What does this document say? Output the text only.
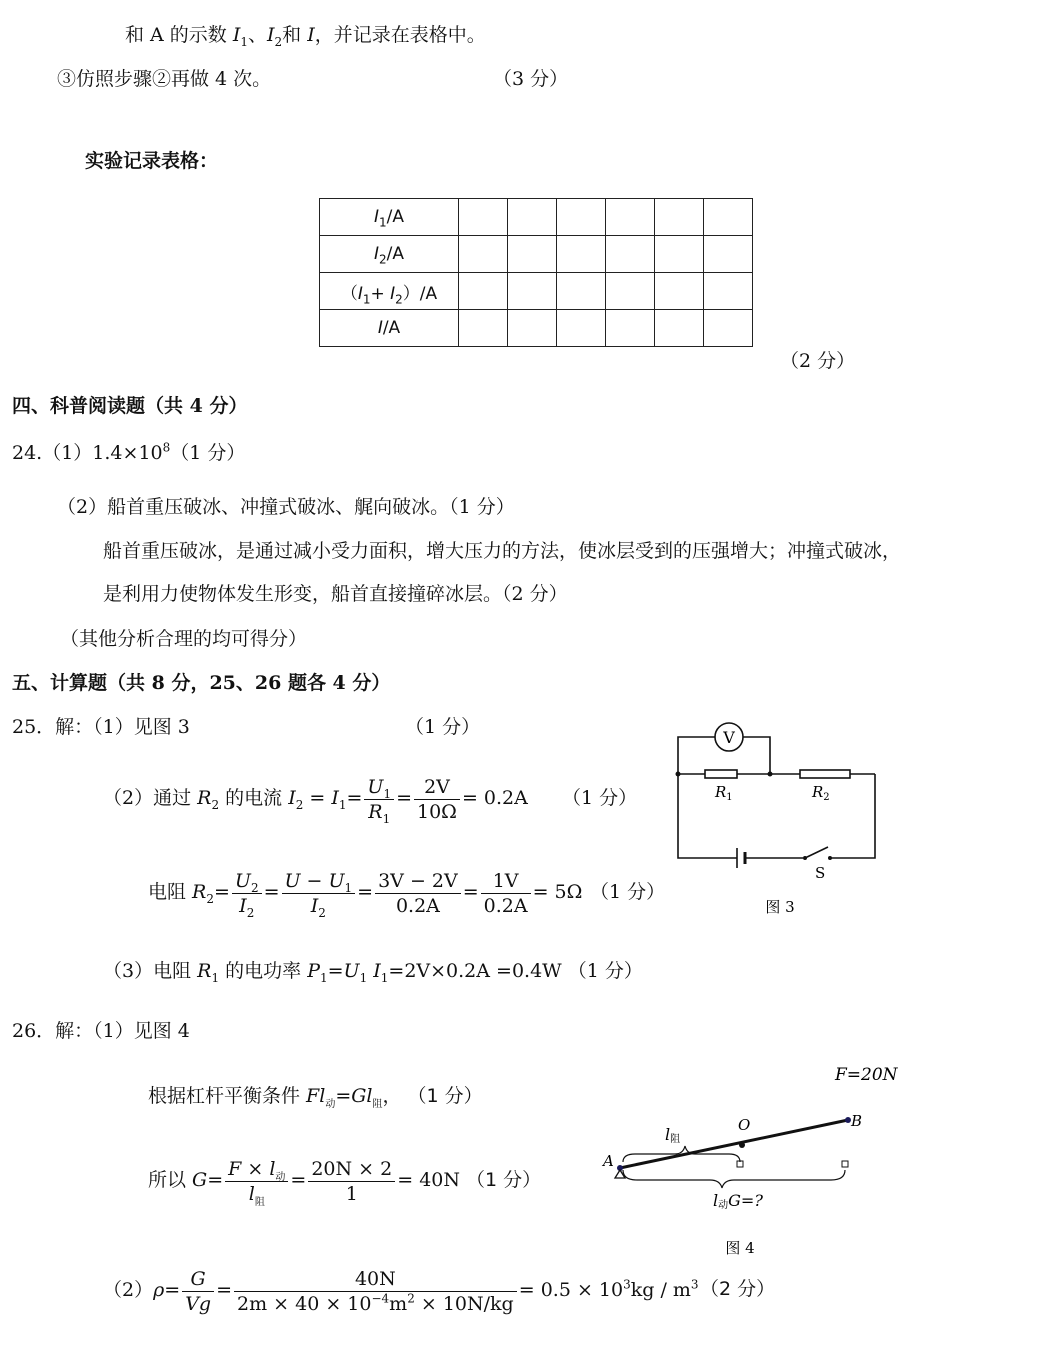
和 A 的示数 $I_1$、$I_2$和 I，并记录在表格中。
③仿照步骤②再做 4 次。	（3 分）
实验记录表格：
$I_1/A$						
$I_2/A$						
$(I_1+ I_2)/A$						
I/A						
（2 分）
四、科普阅读题（共 4 分）
$24.(1)1.4\times 10^8(1$ 分）
（2）船首重压破冰、冲撞式破冰、艉向破冰。（1 分）
船首重压破冰，是通过减小受力面积，增大压力的方法，使冰层受到的压强增大；冲撞式破冰，
是利用力使物体发生形变，船首直接撞碎冰层。（2 分）
（其他分析合理的均可得分）
五、计算题（共 8 分，25、26 题各 4 分）
25．解：（1）见图 3	（1 分）
（2）通过 $R_2$ 的电流 $I_2 = I_1= \frac{U_1}{R_1} = \frac{2V}{10\Omega} = 0.2A$ （1 分）
电阻 $R_2= \frac{U_2}{I_2} = \frac{U - U_1}{I_2} = \frac{3V - 2V}{0.2A} = \frac{1V}{0.2A} = 5\Omega$ （1 分）
（3）电阻 $R_1$ 的电功率 $P_1=U_1$ $I_1=2V\times 0.2A =0.4W$ （1 分）
V
$R_1$	$R_2$
S
图 3
26．解：（1）见图 4
根据杠杆平衡条件 $Fl_动=Gl_阻$， （1 分）
所以 $G= \frac{F \times l_动}{l_阻} = \frac{20N \times 2}{1} = 40N$ （1 分）
$(2)\rho= \frac{G}{Vg} = \frac{40N}{2m \times 40 \times 10^{-4}m^2 \times 10N/kg} = 0.5 \times 10^3kg / m^3$ （2 分）
F=20N
A
B
O
l阻
l动G=?
图 4
